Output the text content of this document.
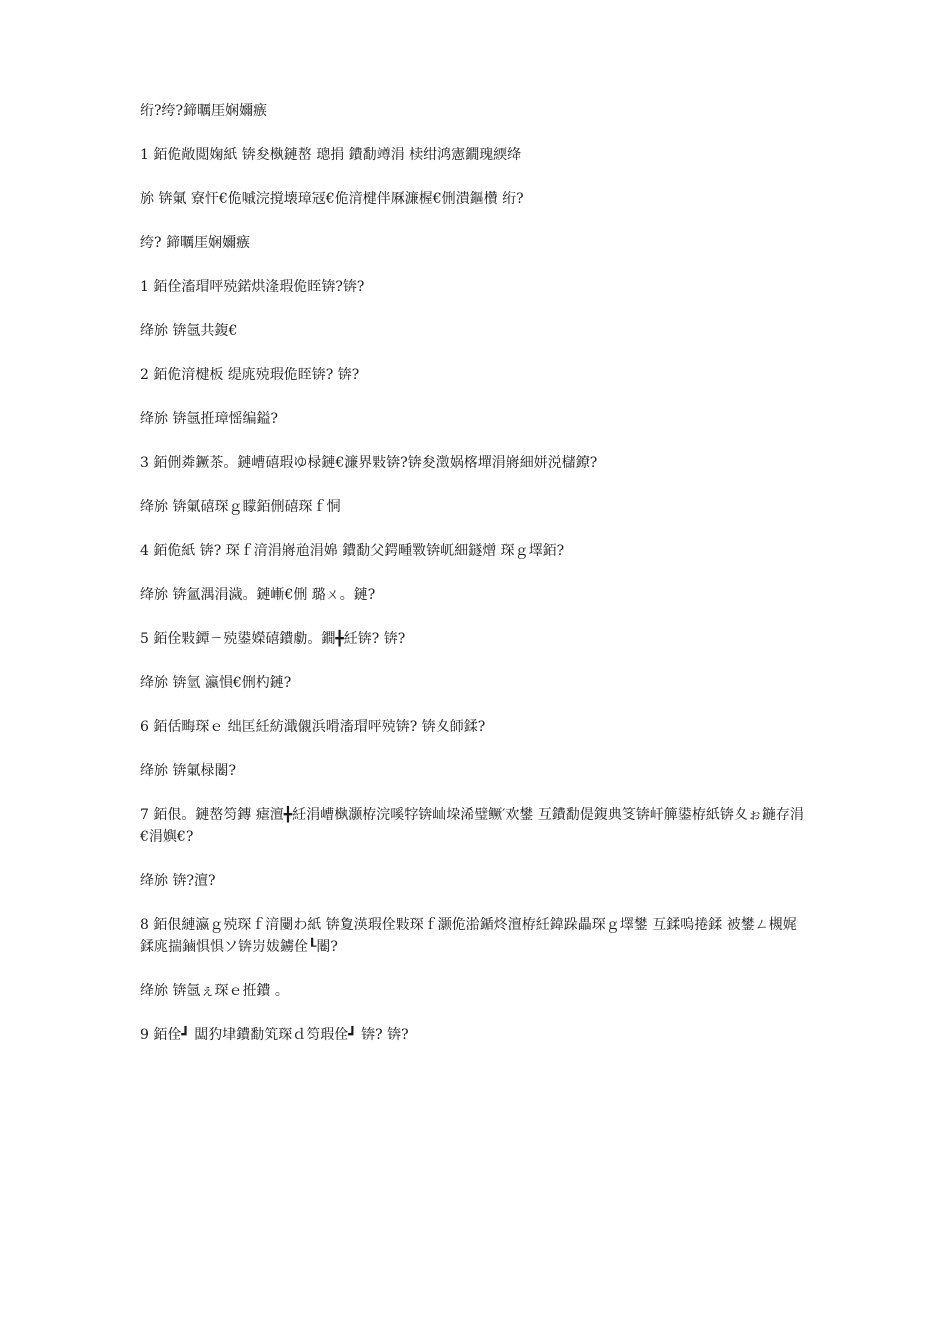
绗?绔?鍗曞厓娴嬭瘯

1 銆佹敞閲婅紙 锛夋槸鏈嶅 璁捐 鐨勫竴涓 椟绀鸿憲鐗瑰緛绛

旀 锛氭 寮忓€佹嘁浣撹壊璋冦€佹湇楗伴厤濂楃€侀潰鏂欑 绗?

绔? 鍗曞厓娴嬭瘯

1 銆佺滀瑁呯殑鍩烘湰瑕佹眰锛?锛?

绛旀 锛氬共鍑€

2 銆佹湇楗板 缇庣殑瑕佹眰锛? 锛?

绛旀 锛氬拰璋愮编鎰?

3 銆侀粦鐝茶。鏈嶆礂瑕ゆ椂鏈€濂界敤锛?锛夋澂娲楁墠涓嶈細姘涚櫧鐐?

绛旀 锛氭礂琛ｇ矇銆侀礂琛ｆ恫

4 銆佹紙 锛? 琛ｆ湇涓嶈兘涓婂 鐨勫父鍔畽斁锛屼細鐩熷 琛ｇ墿銆?

绛旀 锛氳湡涓濊。鏈嶃€侀 璐ㄨ。鏈?

5 銆佺敤鐔ㄧ殑鍙嬫礂鐨勮。鐗╋紝锛? 锛?

绛旀 锛氫 瀛愪€侀杓鏈?

6 銆佸畮琛ｅ 绌匡紝紡濈儭浜嗗滀瑁呯殑锛? 锛夊師鍒?

绛旀 锛氭椂闂?

7 銆佷。鏈嶅笉鏄 瘧澶╋紝涓嶆槸灏栫浣嗘牸锛屾垜浠璧鳜′欢鐢 互鐨勫偍鍑典笅锛屽簲鍙栫紙锛夊ぉ鍦存涓€涓嬩€?

绛旀 锛?澶?

8 銆佷縺瀛ｇ殑琛ｆ湇闄わ紙 锛夐渶瑕佺敤琛ｆ灏佹湁鍎炵澶栫紝鍏跺畾琛ｇ墿鐢 互鍒嗚捲鍒 被鐢ㄥ槻娓 鍒庣揣鏀惧惧ソ锛岃妭鐪佺┖闂?

绛旀 锛氬ぇ琛ｅ拰鐨 。

9 銆佺┛ 闆犳垏鐨勫笂琛ｄ笉瑕佺┛ 锛? 锛?
